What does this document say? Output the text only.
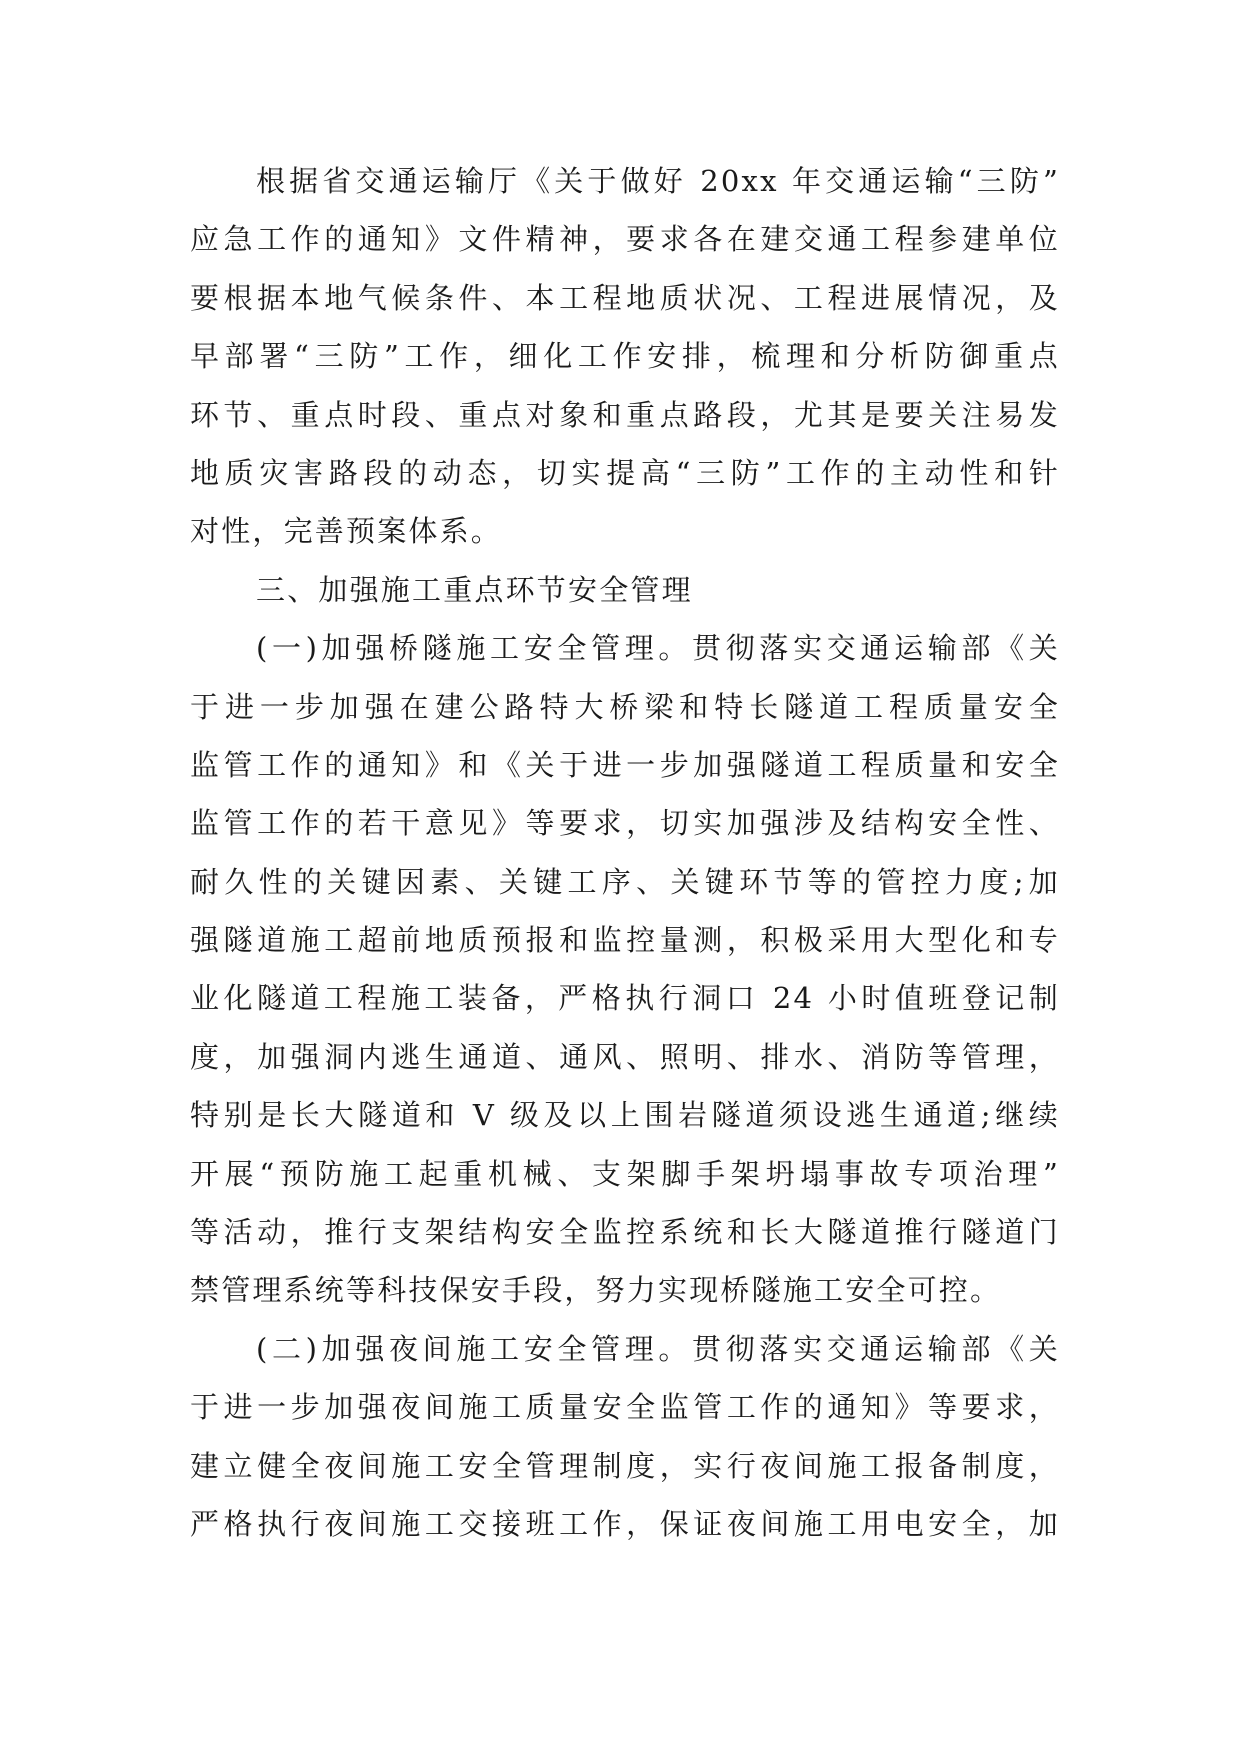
根据省交通运输厅《关于做好 20xx 年交通运输“三防”
应急工作的通知》文件精神，要求各在建交通工程参建单位
要根据本地气候条件、本工程地质状况、工程进展情况，及
早部署“三防”工作，细化工作安排，梳理和分析防御重点
环节、重点时段、重点对象和重点路段，尤其是要关注易发
地质灾害路段的动态，切实提高“三防”工作的主动性和针
对性，完善预案体系。
三、加强施工重点环节安全管理
(一)加强桥隧施工安全管理。贯彻落实交通运输部《关
于进一步加强在建公路特大桥梁和特长隧道工程质量安全
监管工作的通知》和《关于进一步加强隧道工程质量和安全
监管工作的若干意见》等要求，切实加强涉及结构安全性、
耐久性的关键因素、关键工序、关键环节等的管控力度;加
强隧道施工超前地质预报和监控量测，积极采用大型化和专
业化隧道工程施工装备，严格执行洞口 24 小时值班登记制
度，加强洞内逃生通道、通风、照明、排水、消防等管理，
特别是长大隧道和 V 级及以上围岩隧道须设逃生通道;继续
开展“预防施工起重机械、支架脚手架坍塌事故专项治理”
等活动，推行支架结构安全监控系统和长大隧道推行隧道门
禁管理系统等科技保安手段，努力实现桥隧施工安全可控。
(二)加强夜间施工安全管理。贯彻落实交通运输部《关
于进一步加强夜间施工质量安全监管工作的通知》等要求，
建立健全夜间施工安全管理制度，实行夜间施工报备制度，
严格执行夜间施工交接班工作，保证夜间施工用电安全，加
